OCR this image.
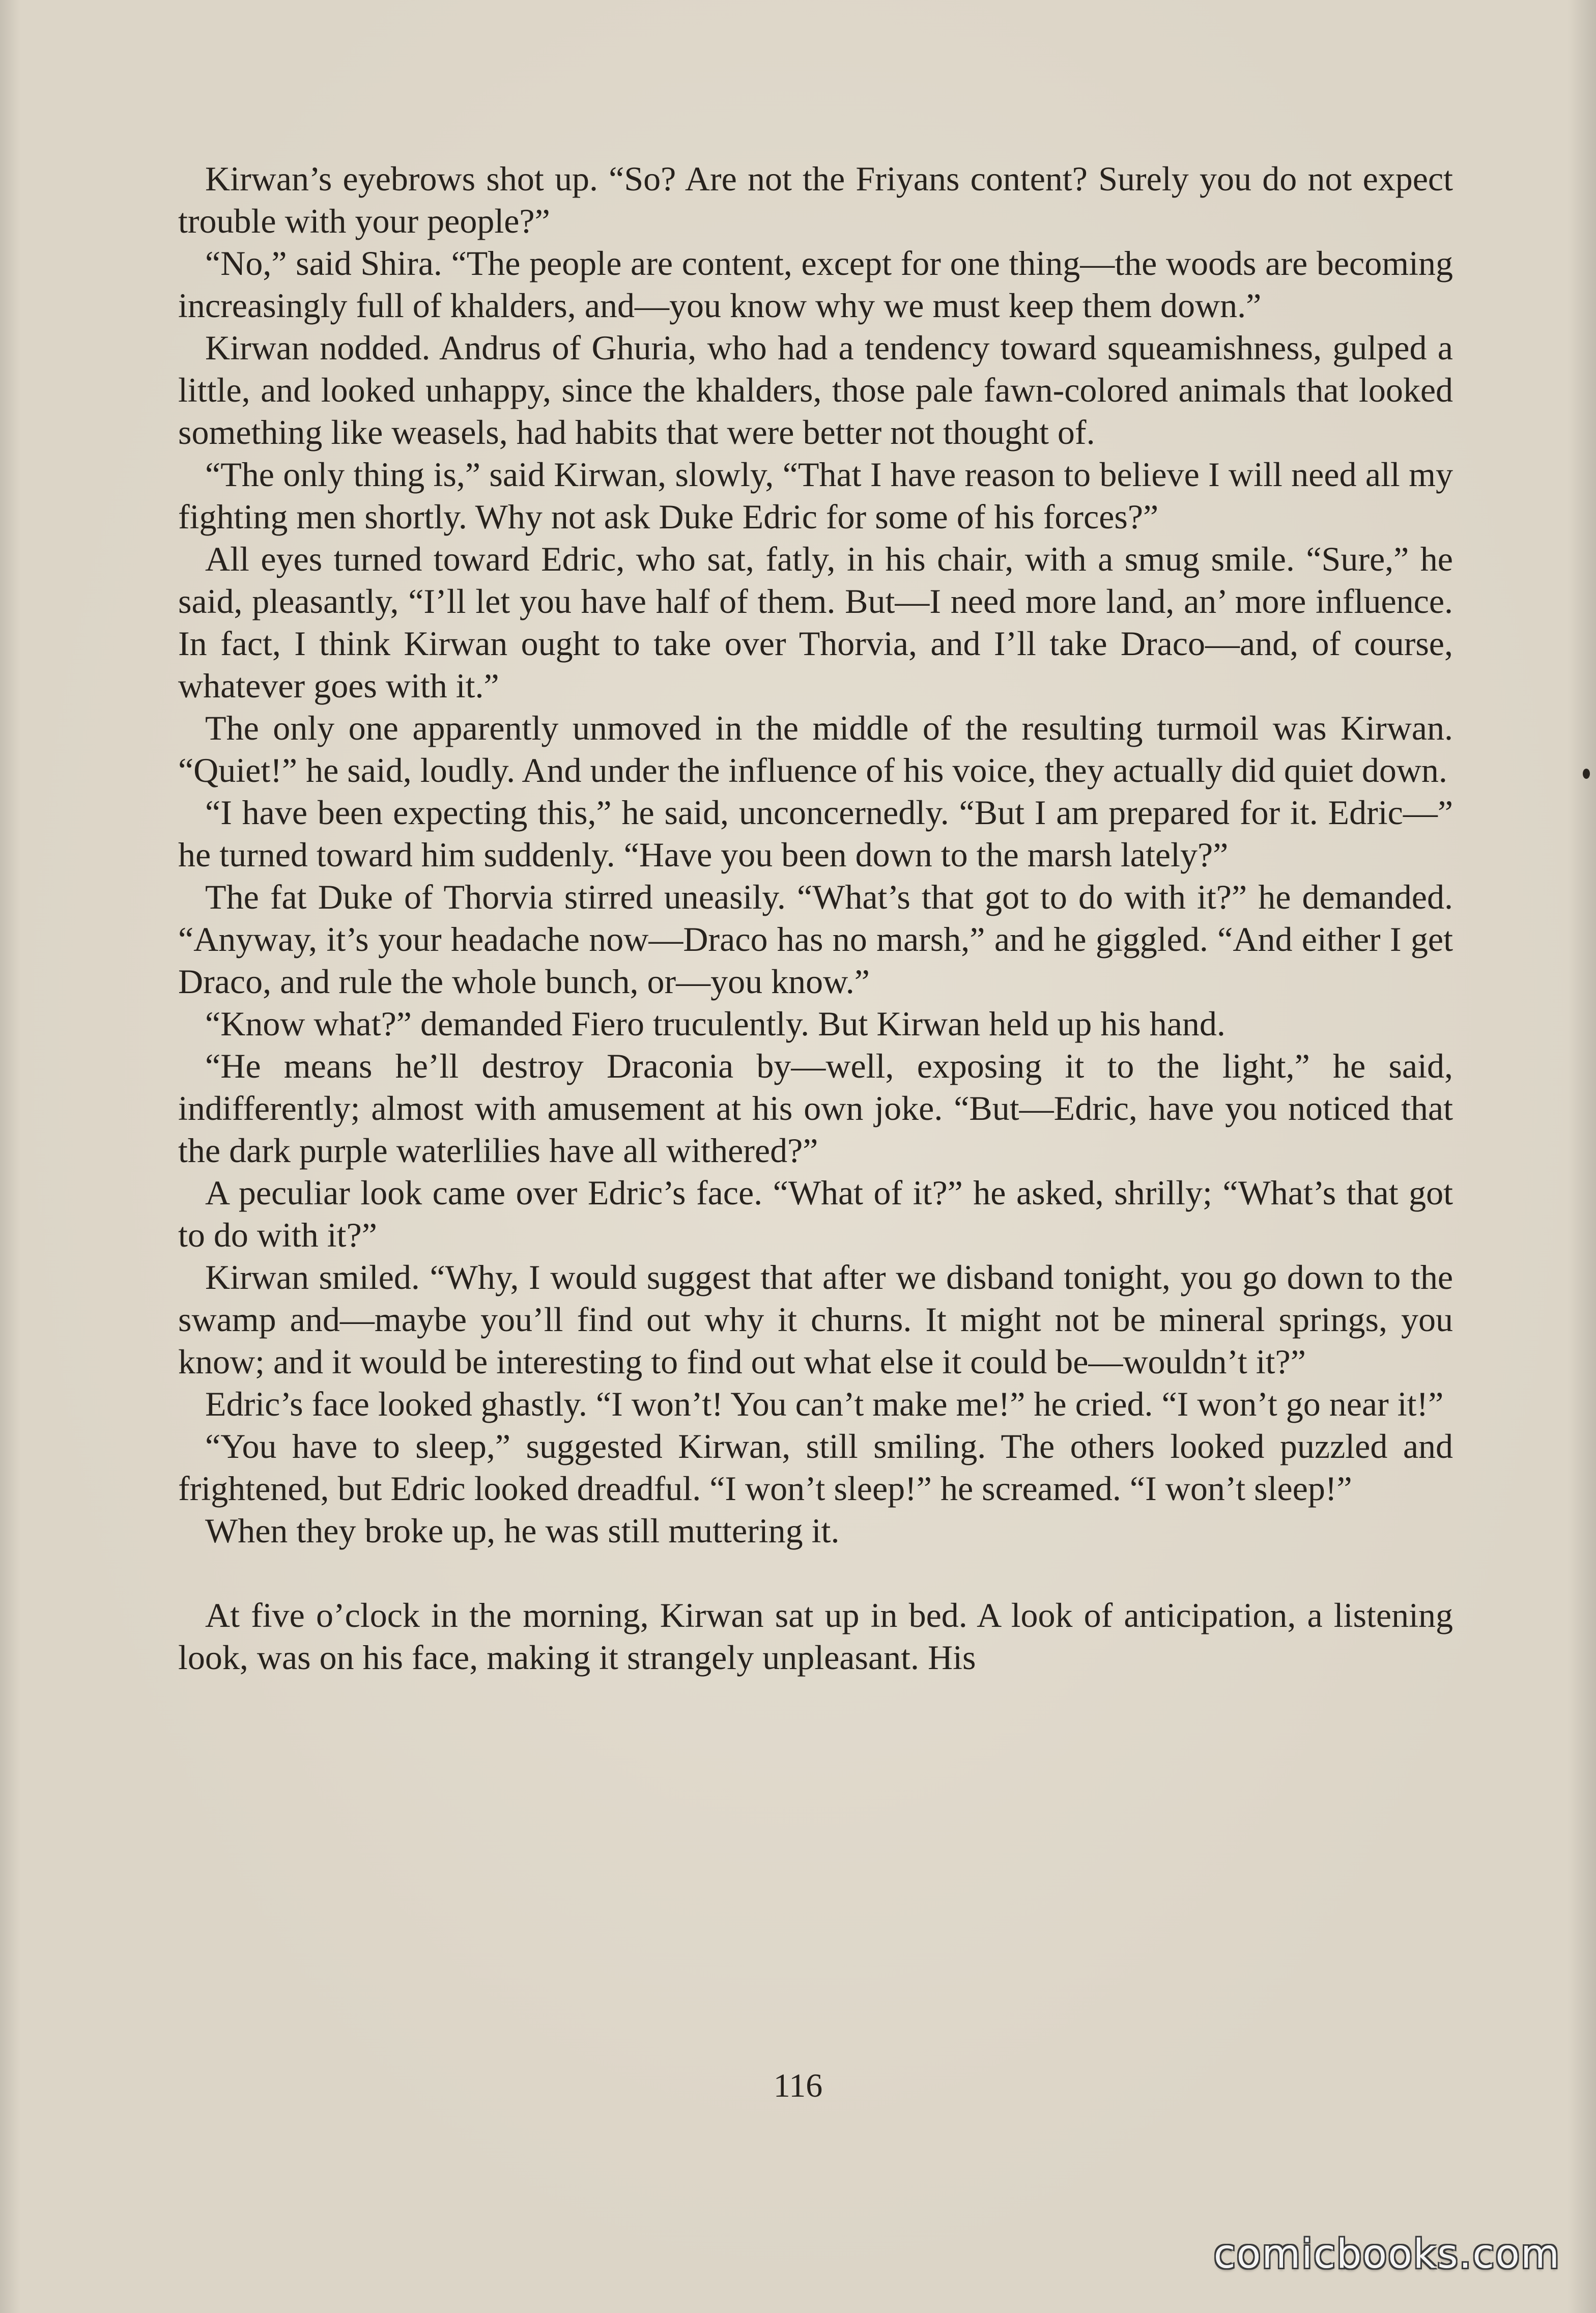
Kirwan’s eyebrows shot up. “So? Are not the Friyans content? Surely you do not expect trouble with your people?”

“No,” said Shira. “The people are content, except for one thing—the woods are becoming increasingly full of khalders, and—you know why we must keep them down.”

Kirwan nodded. Andrus of Ghuria, who had a tendency toward squeamishness, gulped a little, and looked unhappy, since the khalders, those pale fawn-colored animals that looked something like weasels, had habits that were better not thought of.

“The only thing is,” said Kirwan, slowly, “That I have reason to believe I will need all my fighting men shortly. Why not ask Duke Edric for some of his forces?”

All eyes turned toward Edric, who sat, fatly, in his chair, with a smug smile. “Sure,” he said, pleasantly, “I’ll let you have half of them. But—I need more land, an’ more influence. In fact, I think Kirwan ought to take over Thorvia, and I’ll take Draco—and, of course, whatever goes with it.”

The only one apparently unmoved in the middle of the resulting turmoil was Kirwan. “Quiet!” he said, loudly. And under the influence of his voice, they actually did quiet down.

“I have been expecting this,” he said, unconcernedly. “But I am prepared for it. Edric—” he turned toward him suddenly. “Have you been down to the marsh lately?”

The fat Duke of Thorvia stirred uneasily. “What’s that got to do with it?” he demanded. “Anyway, it’s your headache now—Draco has no marsh,” and he giggled. “And either I get Draco, and rule the whole bunch, or—you know.”

“Know what?” demanded Fiero truculently. But Kirwan held up his hand.

“He means he’ll destroy Draconia by—well, exposing it to the light,” he said, indifferently; almost with amusement at his own joke. “But—Edric, have you noticed that the dark purple waterlilies have all withered?”

A peculiar look came over Edric’s face. “What of it?” he asked, shrilly; “What’s that got to do with it?”

Kirwan smiled. “Why, I would suggest that after we disband tonight, you go down to the swamp and—maybe you’ll find out why it churns. It might not be mineral springs, you know; and it would be interesting to find out what else it could be—wouldn’t it?”

Edric’s face looked ghastly. “I won’t! You can’t make me!” he cried. “I won’t go near it!”

“You have to sleep,” suggested Kirwan, still smiling. The others looked puzzled and frightened, but Edric looked dreadful. “I won’t sleep!” he screamed. “I won’t sleep!”

When they broke up, he was still muttering it.

At five o’clock in the morning, Kirwan sat up in bed. A look of anticipation, a listening look, was on his face, making it strangely unpleasant. His

116
comicbooks.com
